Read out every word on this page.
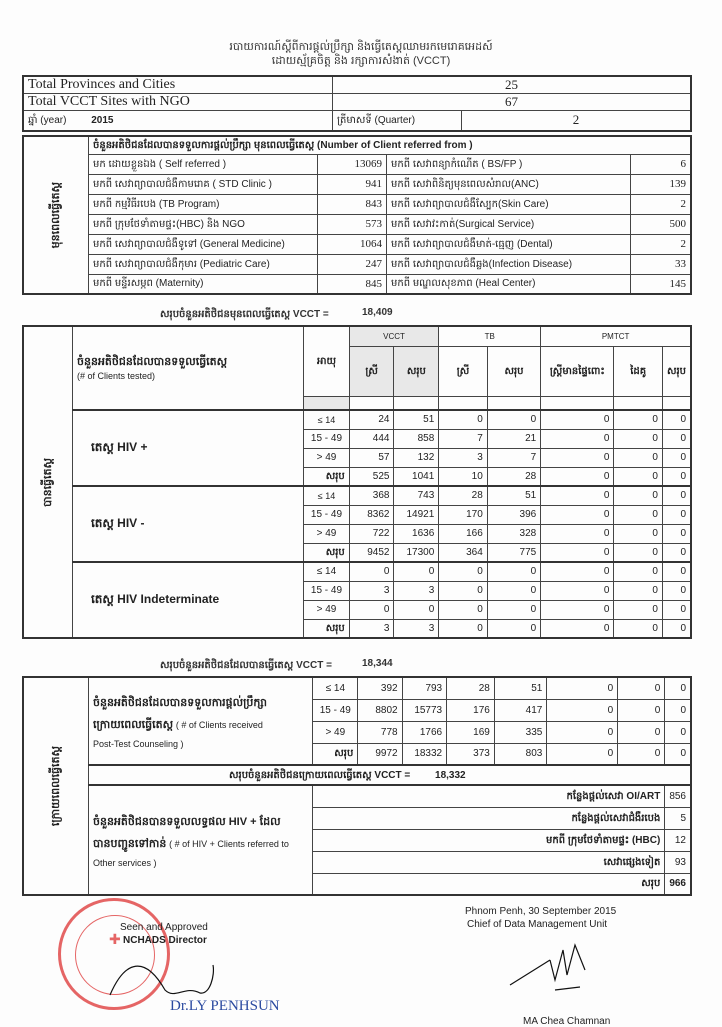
របាយការណ៍ស្ដីពីការផ្ដល់ប្រឹក្សា និងធ្វើតេស្តឈាមរកមេរោគអេដស៍
ដោយស្ម័គ្រចិត្ត និង រក្សាការសំងាត់ (VCCT)
Total Provinces and Cities	25	
Total VCCT Sites with NGO	67	
ឆ្នាំ (year) 2015	ត្រីមាសទី (Quarter)	2
មុនពេលធ្វើតេស្ត	ចំនួនអតិថិជនដែលបានទទួលការផ្ដល់ប្រឹក្សា មុនពេលធ្វើតេស្ត (Number of Client referred from )			
	មក ដោយខ្លួនឯង ( Self referred )	13069	មកពី សេវាពន្យាកំណើត ( BS/FP )	6
	មកពី សេវាព្យាបាលជំងឺកាមរោគ ( STD Clinic )	941	មកពី សេវាពិនិត្យមុនពេលសំរាល(ANC)	139
	មកពី កម្មវិធីរបេង (TB Program)	843	មកពី សេវាព្យាបាលជំងឺស្បែក(Skin Care)	2
	មកពី ក្រុមថែទាំតាមផ្ទះ(HBC) និង NGO	573	មកពី សេវាវះកាត់(Surgical Service)	500
	មកពី សេវាព្យាបាលជំងឺទូទៅ (General Medicine)	1064	មកពី សេវាព្យាបាលជំងឺមាត់-ធ្មេញ (Dental)	2
	មកពី សេវាព្យាបាលជំងឺកុមារ (Pediatric Care)	247	មកពី សេវាព្យាបាលជំងឺឆ្លង(Infection Disease)	33
	មកពី មន្ទីរសម្ភព (Maternity)	845	មកពី មណ្ឌលសុខភាព (Heal Center)	145
សរុបចំនួនអតិថិជនមុនពេលធ្វើតេស្ត VCCT =	18,409
បានធ្វើតេស្ត	ចំនួនអតិថិជនដែលបានទទួលធ្វើតេស្ត
(# of Clients tested)	អាយុ	VCCT		TB		PMTCT		
			ស្រី	សរុប	ស្រី	សរុប	ស្ត្រីមានផ្ទៃពោះ	ដៃគូ	សរុប

	តេស្ត HIV +	≤ 14	24	51	0	0	0	0	0
		15 - 49	444	858	7	21	0	0	0
		> 49	57	132	3	7	0	0	0
		សរុប	525	1041	10	28	0	0	0
	តេស្ត HIV -	≤ 14	368	743	28	51	0	0	0
		15 - 49	8362	14921	170	396	0	0	0
		> 49	722	1636	166	328	0	0	0
		សរុប	9452	17300	364	775	0	0	0
	តេស្ត HIV Indeterminate	≤ 14	0	0	0	0	0	0	0
		15 - 49	3	3	0	0	0	0	0
		> 49	0	0	0	0	0	0	0
		សរុប	3	3	0	0	0	0	0
សរុបចំនួនអតិថិជនដែលបានធ្វើតេស្ត VCCT =	18,344
ក្រោយពេលធ្វើតេស្ត	ចំនួនអតិថិជនដែលបានទទួលការផ្ដល់ប្រឹក្សា
ក្រោយពេលធ្វើតេស្ត ( # of Clients received
Post-Test Counseling )	≤ 14	392	793	28	51	0	0	0
		15 - 49	8802	15773	176	417	0	0	0
		> 49	778	1766	169	335	0	0	0
		សរុប	9972	18332	373	803	0	0	0
	សរុបចំនួនអតិថិជនក្រោយពេលធ្វើតេស្ត VCCT = 18,332								

	ចំនួនអតិថិជនបានទទួលលទ្ធផល HIV + ដែល
បានបញ្ជូនទៅកាន់ ( # of HIV + Clients referred to
Other services )	កន្លែងផ្ដល់សេវា OI/ART							856
		កន្លែងផ្ដល់សេវាជំងឺរបេង							5
		មកពី ក្រុមថែទាំតាមផ្ទះ (HBC)							12
		សេវាផ្សេងទៀត							93
		សរុប							966
✚
Seen and Approved
NCHADS Director
Dr.LY PENHSUN
Phnom Penh, 30 September 2015
Chief of Data Management Unit
MA Chea Chamnan
